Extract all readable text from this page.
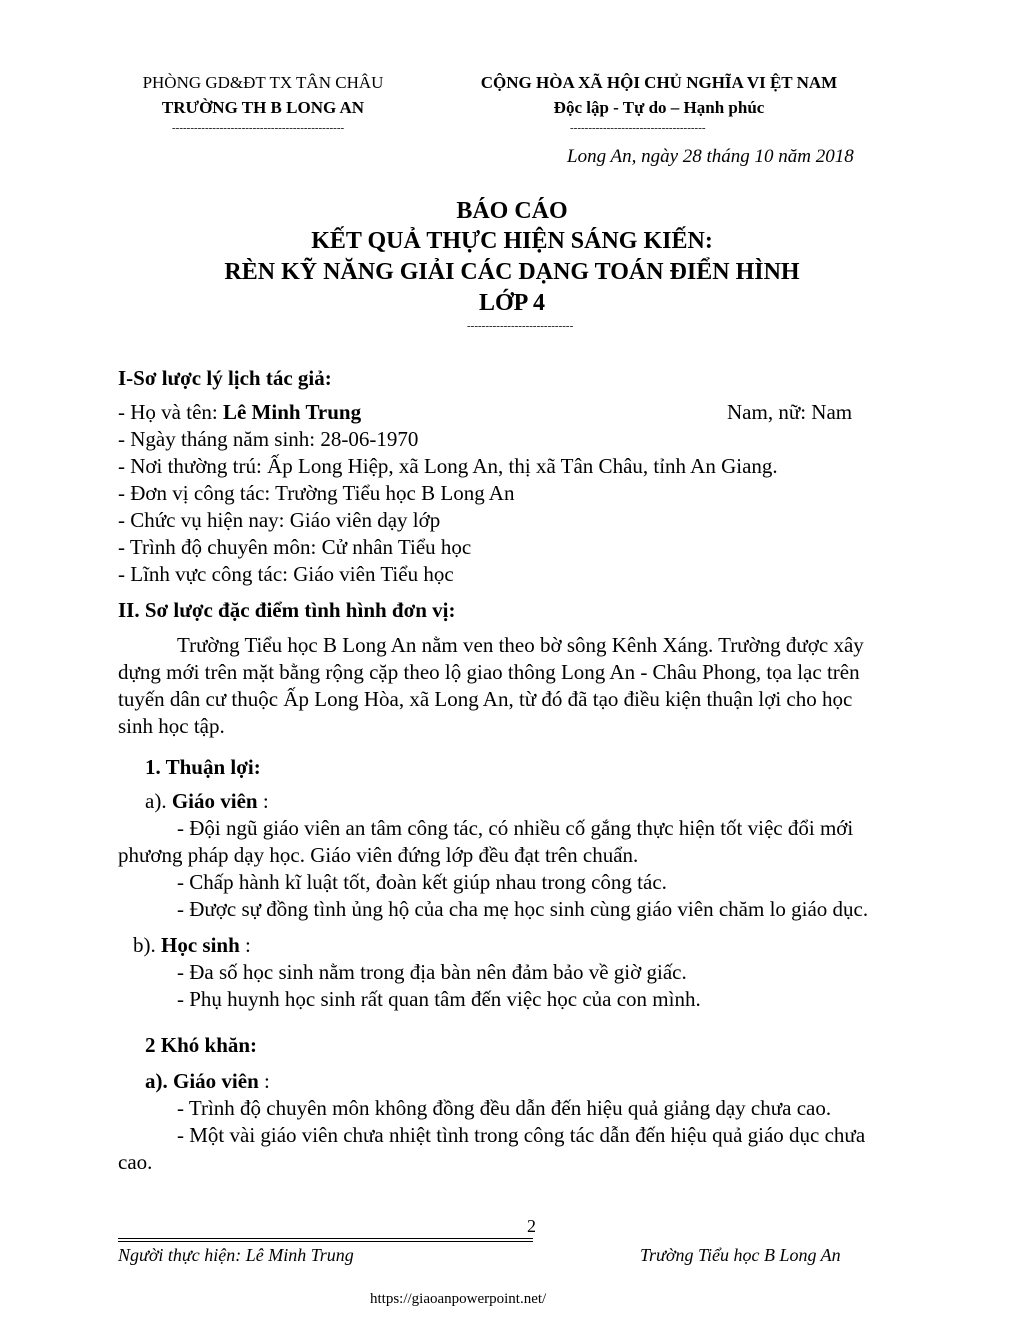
PHÒNG GD&ĐT TX TÂN CHÂU
TRƯỜNG TH B LONG AN
-----------------------------------------------
CỘNG HÒA XÃ HỘI CHỦ NGHĨA VI ỆT NAM
Độc lập - Tự do – Hạnh phúc
-------------------------------------
Long An, ngày 28 tháng 10 năm 2018
BÁO CÁO
KẾT QUẢ THỰC HIỆN SÁNG KIẾN:
RÈN KỸ NĂNG GIẢI CÁC DẠNG TOÁN ĐIỂN HÌNH
LỚP 4
-----------------------------
I-Sơ lược lý lịch tác giả:
- Họ và tên: Lê Minh Trung	Nam, nữ: Nam
- Ngày tháng năm sinh: 28-06-1970
- Nơi thường trú: Ấp Long Hiệp, xã Long An, thị xã Tân Châu, tỉnh An Giang.
- Đơn vị công tác: Trường Tiểu học B Long An
- Chức vụ hiện nay: Giáo viên dạy lớp
- Trình độ chuyên môn: Cử nhân Tiểu học
- Lĩnh vực công tác: Giáo viên Tiểu học
II. Sơ lược đặc điểm tình hình đơn vị:
Trường Tiểu học B Long An nằm ven theo bờ sông Kênh Xáng. Trường được xây
dựng mới trên mặt bằng rộng cặp theo lộ giao thông Long An - Châu Phong, tọa lạc trên
tuyến dân cư thuộc Ấp Long Hòa, xã Long An, từ đó đã tạo điều kiện thuận lợi cho học
sinh học tập.
1. Thuận lợi:
a). Giáo viên :
- Đội ngũ giáo viên an tâm công tác, có nhiều cố gắng thực hiện tốt việc đổi mới
phương pháp dạy học. Giáo viên đứng lớp đều đạt trên chuẩn.
- Chấp hành kĩ luật tốt, đoàn kết giúp nhau trong công tác.
- Được sự đồng tình ủng hộ của cha mẹ học sinh cùng giáo viên chăm lo giáo dục.
b). Học sinh :
- Đa số học sinh nằm trong địa bàn nên đảm bảo về giờ giấc.
- Phụ huynh học sinh rất quan tâm đến việc học của con mình.
2 Khó khăn:
a). Giáo viên :
- Trình độ chuyên môn không đồng đều dẫn đến hiệu quả giảng dạy chưa cao.
- Một vài giáo viên chưa nhiệt tình trong công tác dẫn đến hiệu quả giáo dục chưa
cao.
2
Người thực hiện: Lê Minh Trung	Trường Tiểu học B Long An
https://giaoanpowerpoint.net/
